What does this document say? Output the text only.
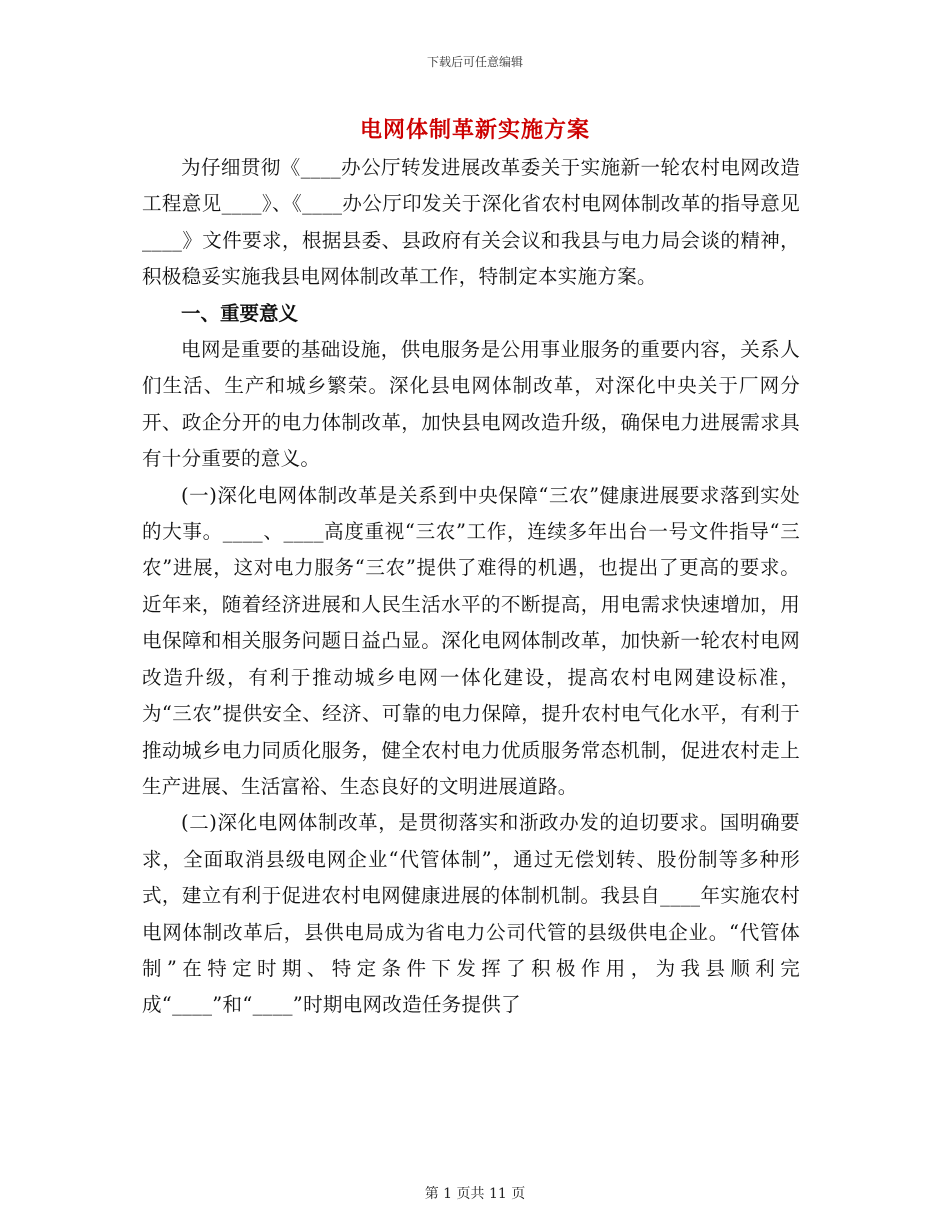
下载后可任意编辑
电网体制革新实施方案

为仔细贯彻《____办公厅转发进展改革委关于实施新一轮农村电网改造工程意见____》、《____办公厅印发关于深化省农村电网体制改革的指导意见____》文件要求，根据县委、县政府有关会议和我县与电力局会谈的精神，积极稳妥实施我县电网体制改革工作，特制定本实施方案。

一、重要意义

电网是重要的基础设施，供电服务是公用事业服务的重要内容，关系人们生活、生产和城乡繁荣。深化县电网体制改革，对深化中央关于厂网分开、政企分开的电力体制改革，加快县电网改造升级，确保电力进展需求具有十分重要的意义。

(一)深化电网体制改革是关系到中央保障“三农”健康进展要求落到实处的大事。____、____高度重视“三农”工作，连续多年出台一号文件指导“三农”进展，这对电力服务“三农”提供了难得的机遇，也提出了更高的要求。近年来，随着经济进展和人民生活水平的不断提高，用电需求快速增加，用电保障和相关服务问题日益凸显。深化电网体制改革，加快新一轮农村电网改造升级，有利于推动城乡电网一体化建设，提高农村电网建设标准，为“三农”提供安全、经济、可靠的电力保障，提升农村电气化水平，有利于推动城乡电力同质化服务，健全农村电力优质服务常态机制，促进农村走上生产进展、生活富裕、生态良好的文明进展道路。

(二)深化电网体制改革，是贯彻落实和浙政办发的迫切要求。国明确要求，全面取消县级电网企业“代管体制”，通过无偿划转、股份制等多种形式，建立有利于促进农村电网健康进展的体制机制。我县自____年实施农村电网体制改革后，县供电局成为省电力公司代管的县级供电企业。“代管体制”在特定时期、特定条件下发挥了积极作用，为我县顺利完成“____”和“____”时期电网改造任务提供了

第 1 页共 11 页
